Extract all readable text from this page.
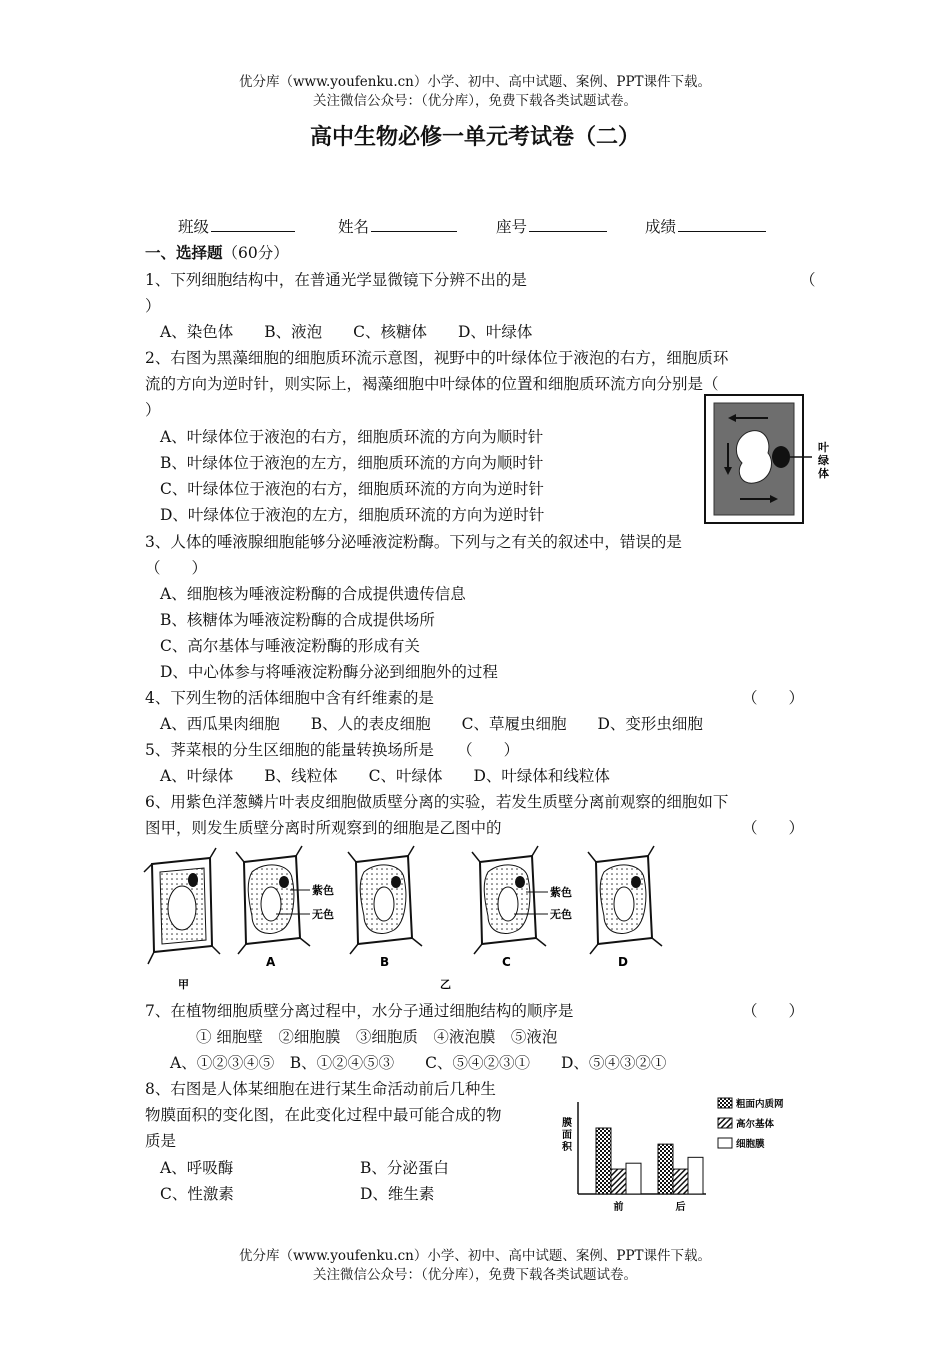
优分库（www.youfenku.cn）小学、初中、高中试题、案例、PPT课件下载。
关注微信公众号：（优分库），免费下载各类试题试卷。
高中生物必修一单元考试卷（二）
班级	姓名	座号	成绩
一、选择题（60分）
1、下列细胞结构中，在普通光学显微镜下分辨不出的是	（
）
A、染色体　　B、液泡　　C、核糖体　　D、叶绿体
2、右图为黑藻细胞的细胞质环流示意图，视野中的叶绿体位于液泡的右方，细胞质环
流的方向为逆时针，则实际上，褐藻细胞中叶绿体的位置和细胞质环流方向分别是（
）
A、叶绿体位于液泡的右方，细胞质环流的方向为顺时针
B、叶绿体位于液泡的左方，细胞质环流的方向为顺时针
C、叶绿体位于液泡的右方，细胞质环流的方向为逆时针
D、叶绿体位于液泡的左方，细胞质环流的方向为逆时针
叶
绿
体
3、人体的唾液腺细胞能够分泌唾液淀粉酶。下列与之有关的叙述中，错误的是
（　　）
A、细胞核为唾液淀粉酶的合成提供遗传信息
B、核糖体为唾液淀粉酶的合成提供场所
C、高尔基体与唾液淀粉酶的形成有关
D、中心体参与将唾液淀粉酶分泌到细胞外的过程
4、下列生物的活体细胞中含有纤维素的是	（　　）
A、西瓜果肉细胞　　B、人的表皮细胞　　C、草履虫细胞　　D、变形虫细胞
5、荠菜根的分生区细胞的能量转换场所是　　（　　）
A、叶绿体　　B、线粒体　　C、叶绿体　　D、叶绿体和线粒体
6、用紫色洋葱鳞片叶表皮细胞做质壁分离的实验，若发生质壁分离前观察的细胞如下
图甲，则发生质壁分离时所观察到的细胞是乙图中的	（　　）
紫色
无色
紫色
无色
A	B	C	D
甲	乙
7、在植物细胞质壁分离过程中，水分子通过细胞结构的顺序是	（　　）
① 细胞壁　②细胞膜　③细胞质　④液泡膜　⑤液泡
A、①②③④⑤　B、①②④⑤③　　C、⑤④②③①　　D、⑤④③②①
8、右图是人体某细胞在进行某生命活动前后几种生
物膜面积的变化图，在此变化过程中最可能合成的物
质是
A、呼吸酶	B、分泌蛋白
C、性激素	D、维生素
膜
面
积
前	后
粗面内质网
高尔基体
细胞膜
优分库（www.youfenku.cn）小学、初中、高中试题、案例、PPT课件下载。
关注微信公众号：（优分库），免费下载各类试题试卷。
